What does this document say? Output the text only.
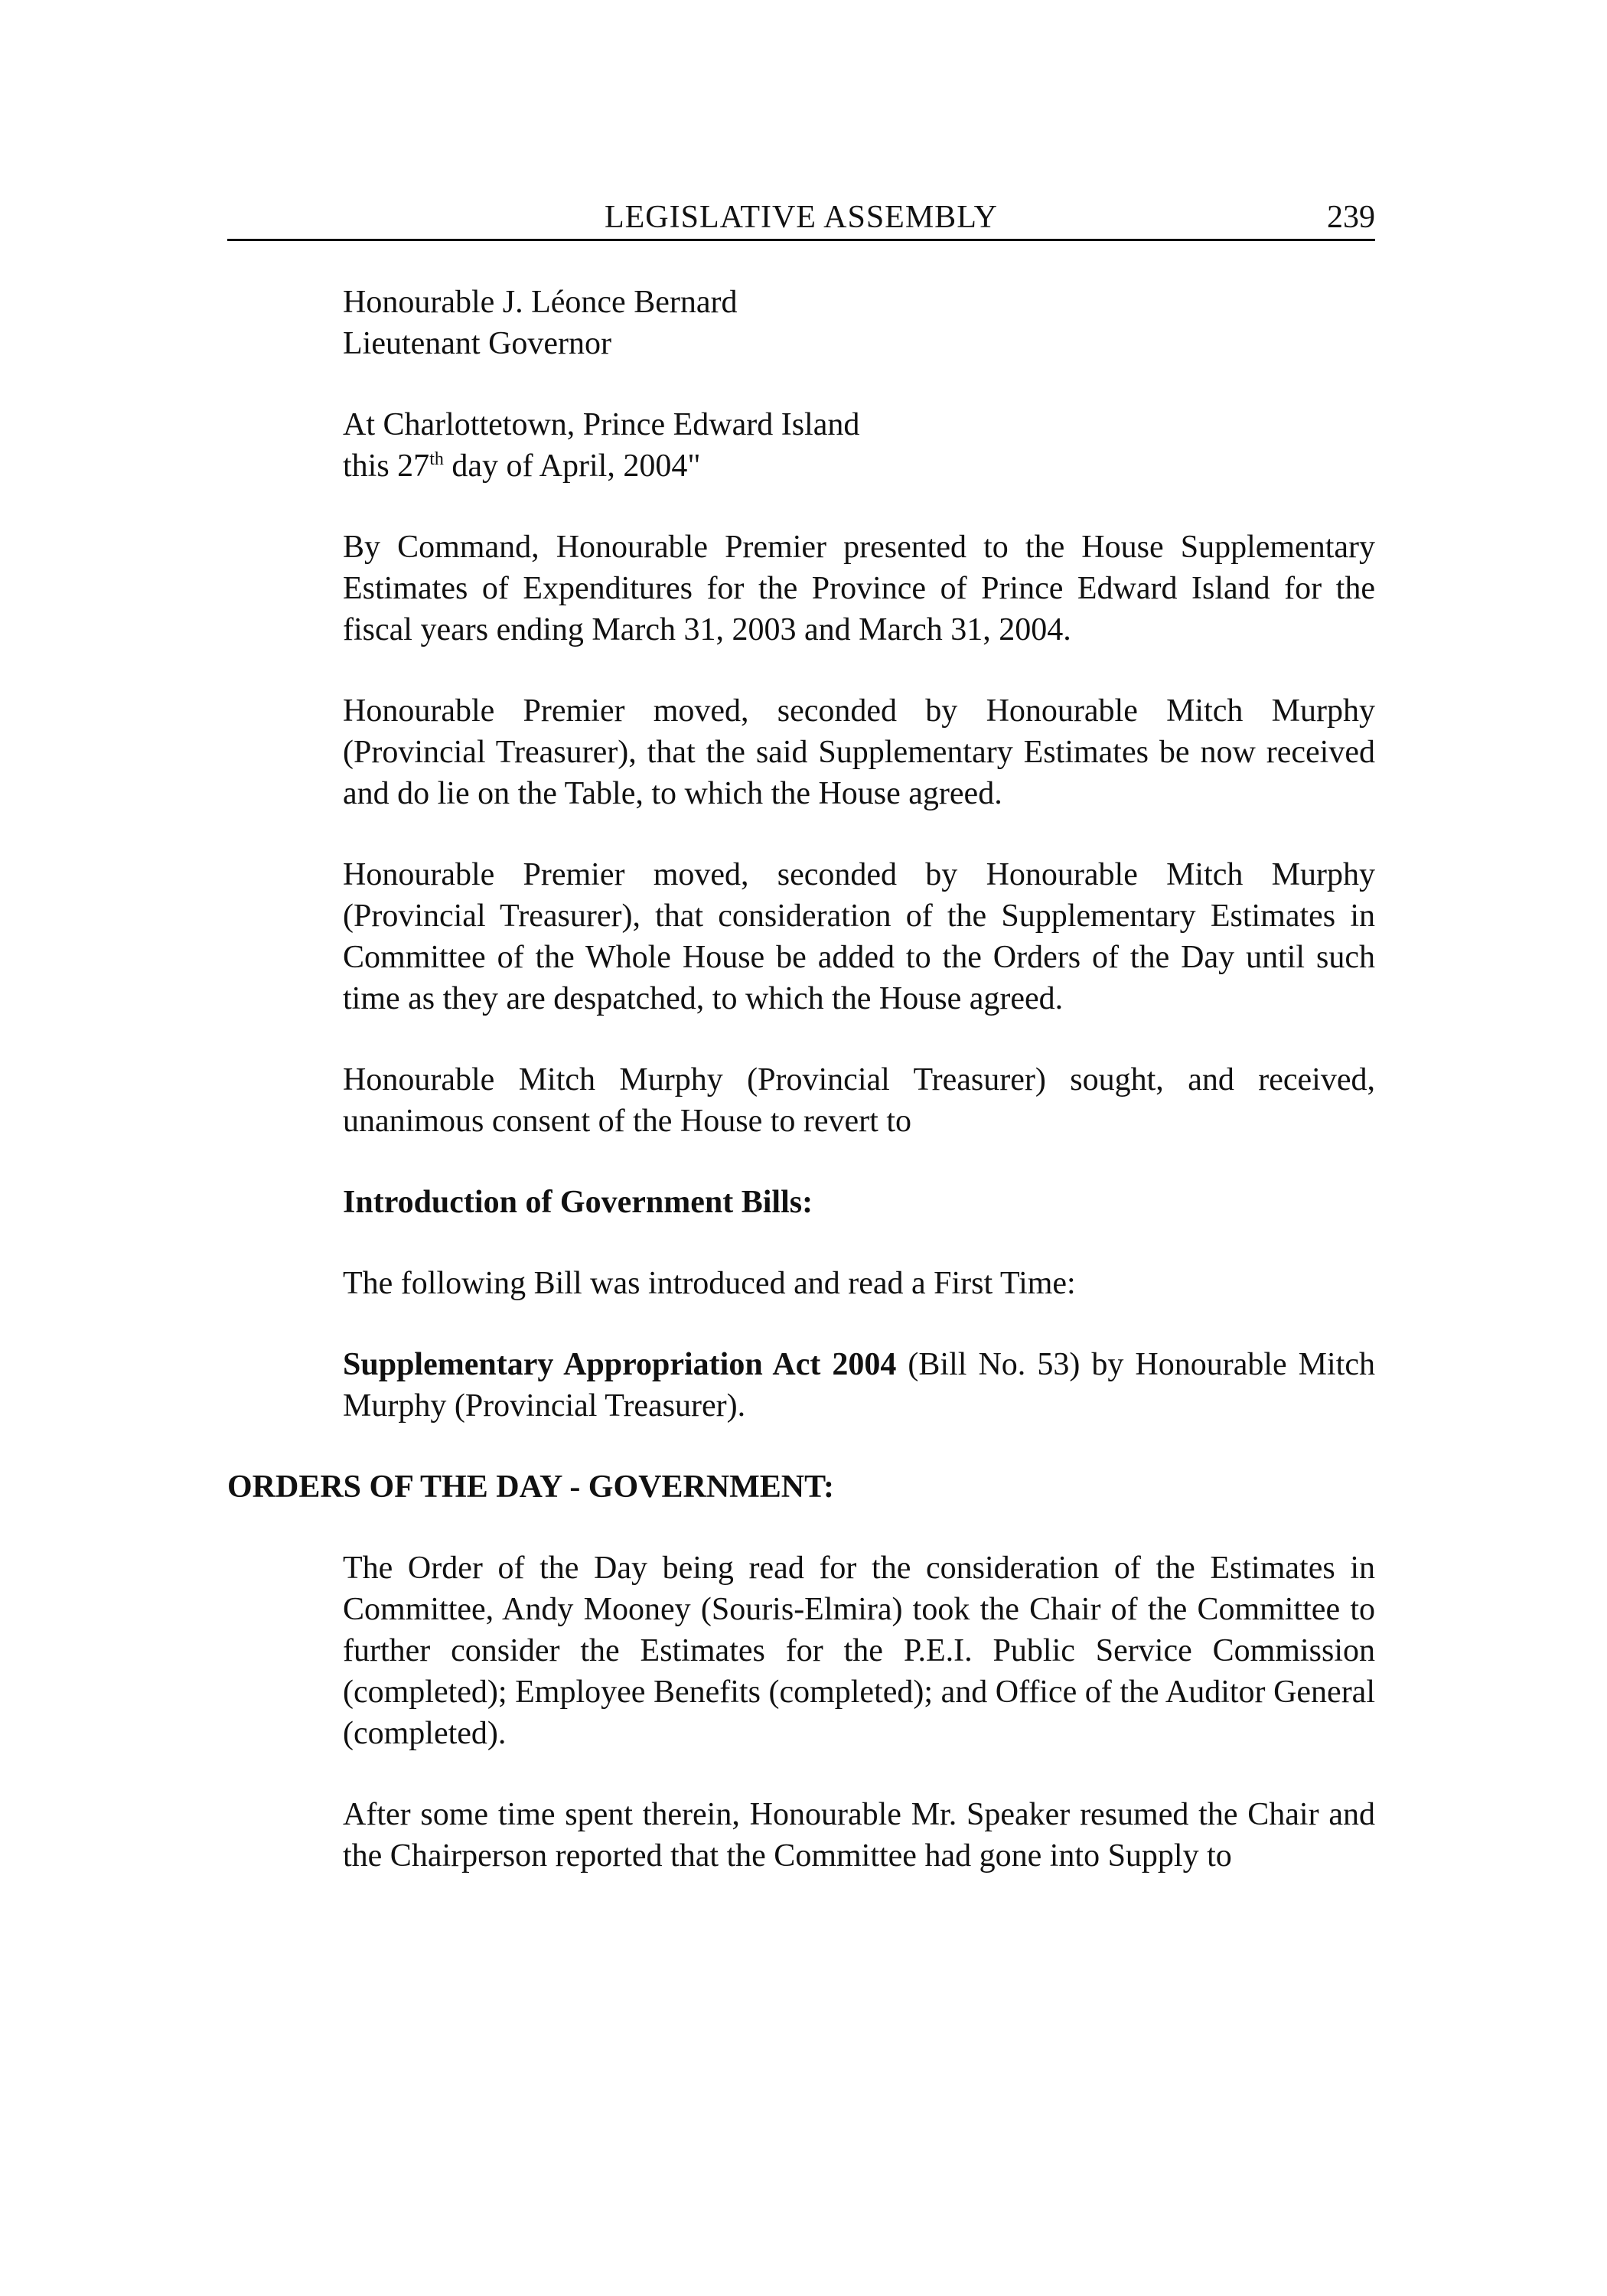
LEGISLATIVE ASSEMBLY	239

Honourable J. Léonce Bernard
Lieutenant Governor

At Charlottetown, Prince Edward Island
this 27th day of April, 2004"

By Command, Honourable Premier presented to the House Supplementary Estimates of Expenditures for the Province of Prince Edward Island for the fiscal years ending March 31, 2003 and March 31, 2004.

Honourable Premier moved, seconded by Honourable Mitch Murphy (Provincial Treasurer), that the said Supplementary Estimates be now received and do lie on the Table, to which the House agreed.

Honourable Premier moved, seconded by Honourable Mitch Murphy (Provincial Treasurer), that consideration of the Supplementary Estimates in Committee of the Whole House be added to the Orders of the Day until such time as they are despatched, to which the House agreed.

Honourable Mitch Murphy (Provincial Treasurer) sought, and received, unanimous consent of the House to revert to

Introduction of Government Bills:

The following Bill was introduced and read a First Time:

Supplementary Appropriation Act 2004 (Bill No. 53) by Honourable Mitch Murphy (Provincial Treasurer).

ORDERS OF THE DAY - GOVERNMENT:

The Order of the Day being read for the consideration of the Estimates in Committee, Andy Mooney (Souris-Elmira) took the Chair of the Committee to further consider the Estimates for the P.E.I. Public Service Commission (completed); Employee Benefits (completed); and Office of the Auditor General (completed).

After some time spent therein, Honourable Mr. Speaker resumed the Chair and the Chairperson reported that the Committee had gone into Supply to
